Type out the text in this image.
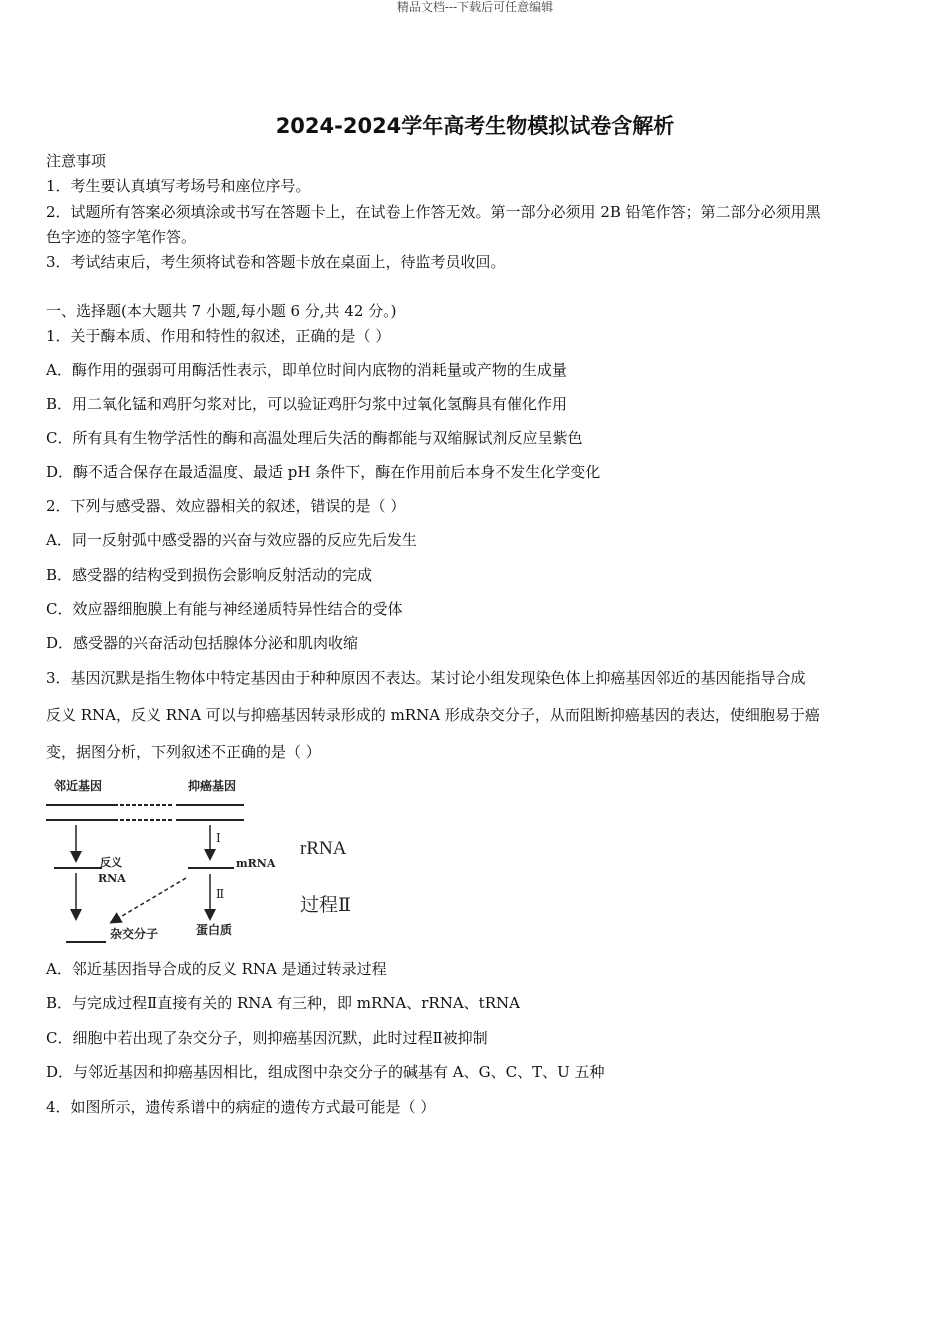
精品文档---下载后可任意编辑
2024-2024学年高考生物模拟试卷含解析
注意事项
1．考生要认真填写考场号和座位序号。
2．试题所有答案必须填涂或书写在答题卡上，在试卷上作答无效。第一部分必须用 2B 铅笔作答；第二部分必须用黑
色字迹的签字笔作答。
3．考试结束后，考生须将试卷和答题卡放在桌面上，待监考员收回。
一、选择题(本大题共 7 小题,每小题 6 分,共 42 分。)
1．关于酶本质、作用和特性的叙述，正确的是（ ）
A．酶作用的强弱可用酶活性表示，即单位时间内底物的消耗量或产物的生成量
B．用二氧化锰和鸡肝匀浆对比，可以验证鸡肝匀浆中过氧化氢酶具有催化作用
C．所有具有生物学活性的酶和高温处理后失活的酶都能与双缩脲试剂反应呈紫色
D．酶不适合保存在最适温度、最适 pH 条件下，酶在作用前后本身不发生化学变化
2．下列与感受器、效应器相关的叙述，错误的是（ ）
A．同一反射弧中感受器的兴奋与效应器的反应先后发生
B．感受器的结构受到损伤会影响反射活动的完成
C．效应器细胞膜上有能与神经递质特异性结合的受体
D．感受器的兴奋活动包括腺体分泌和肌肉收缩
3．基因沉默是指生物体中特定基因由于种种原因不表达。某讨论小组发现染色体上抑癌基因邻近的基因能指导合成
反义 RNA，反义 RNA 可以与抑癌基因转录形成的 mRNA 形成杂交分子，从而阻断抑癌基因的表达，使细胞易于癌
变，据图分析，下列叙述不正确的是（ ）
邻近基因	抑癌基因
反义
RNA
Ⅰ
mRNA
Ⅱ
杂交分子	蛋白质
rRNA
过程Ⅱ
A．邻近基因指导合成的反义 RNA 是通过转录过程
B．与完成过程Ⅱ直接有关的 RNA 有三种，即 mRNA、rRNA、tRNA
C．细胞中若出现了杂交分子，则抑癌基因沉默，此时过程Ⅱ被抑制
D．与邻近基因和抑癌基因相比，组成图中杂交分子的碱基有 A、G、C、T、U 五种
4．如图所示，遗传系谱中的病症的遗传方式最可能是（ ）
